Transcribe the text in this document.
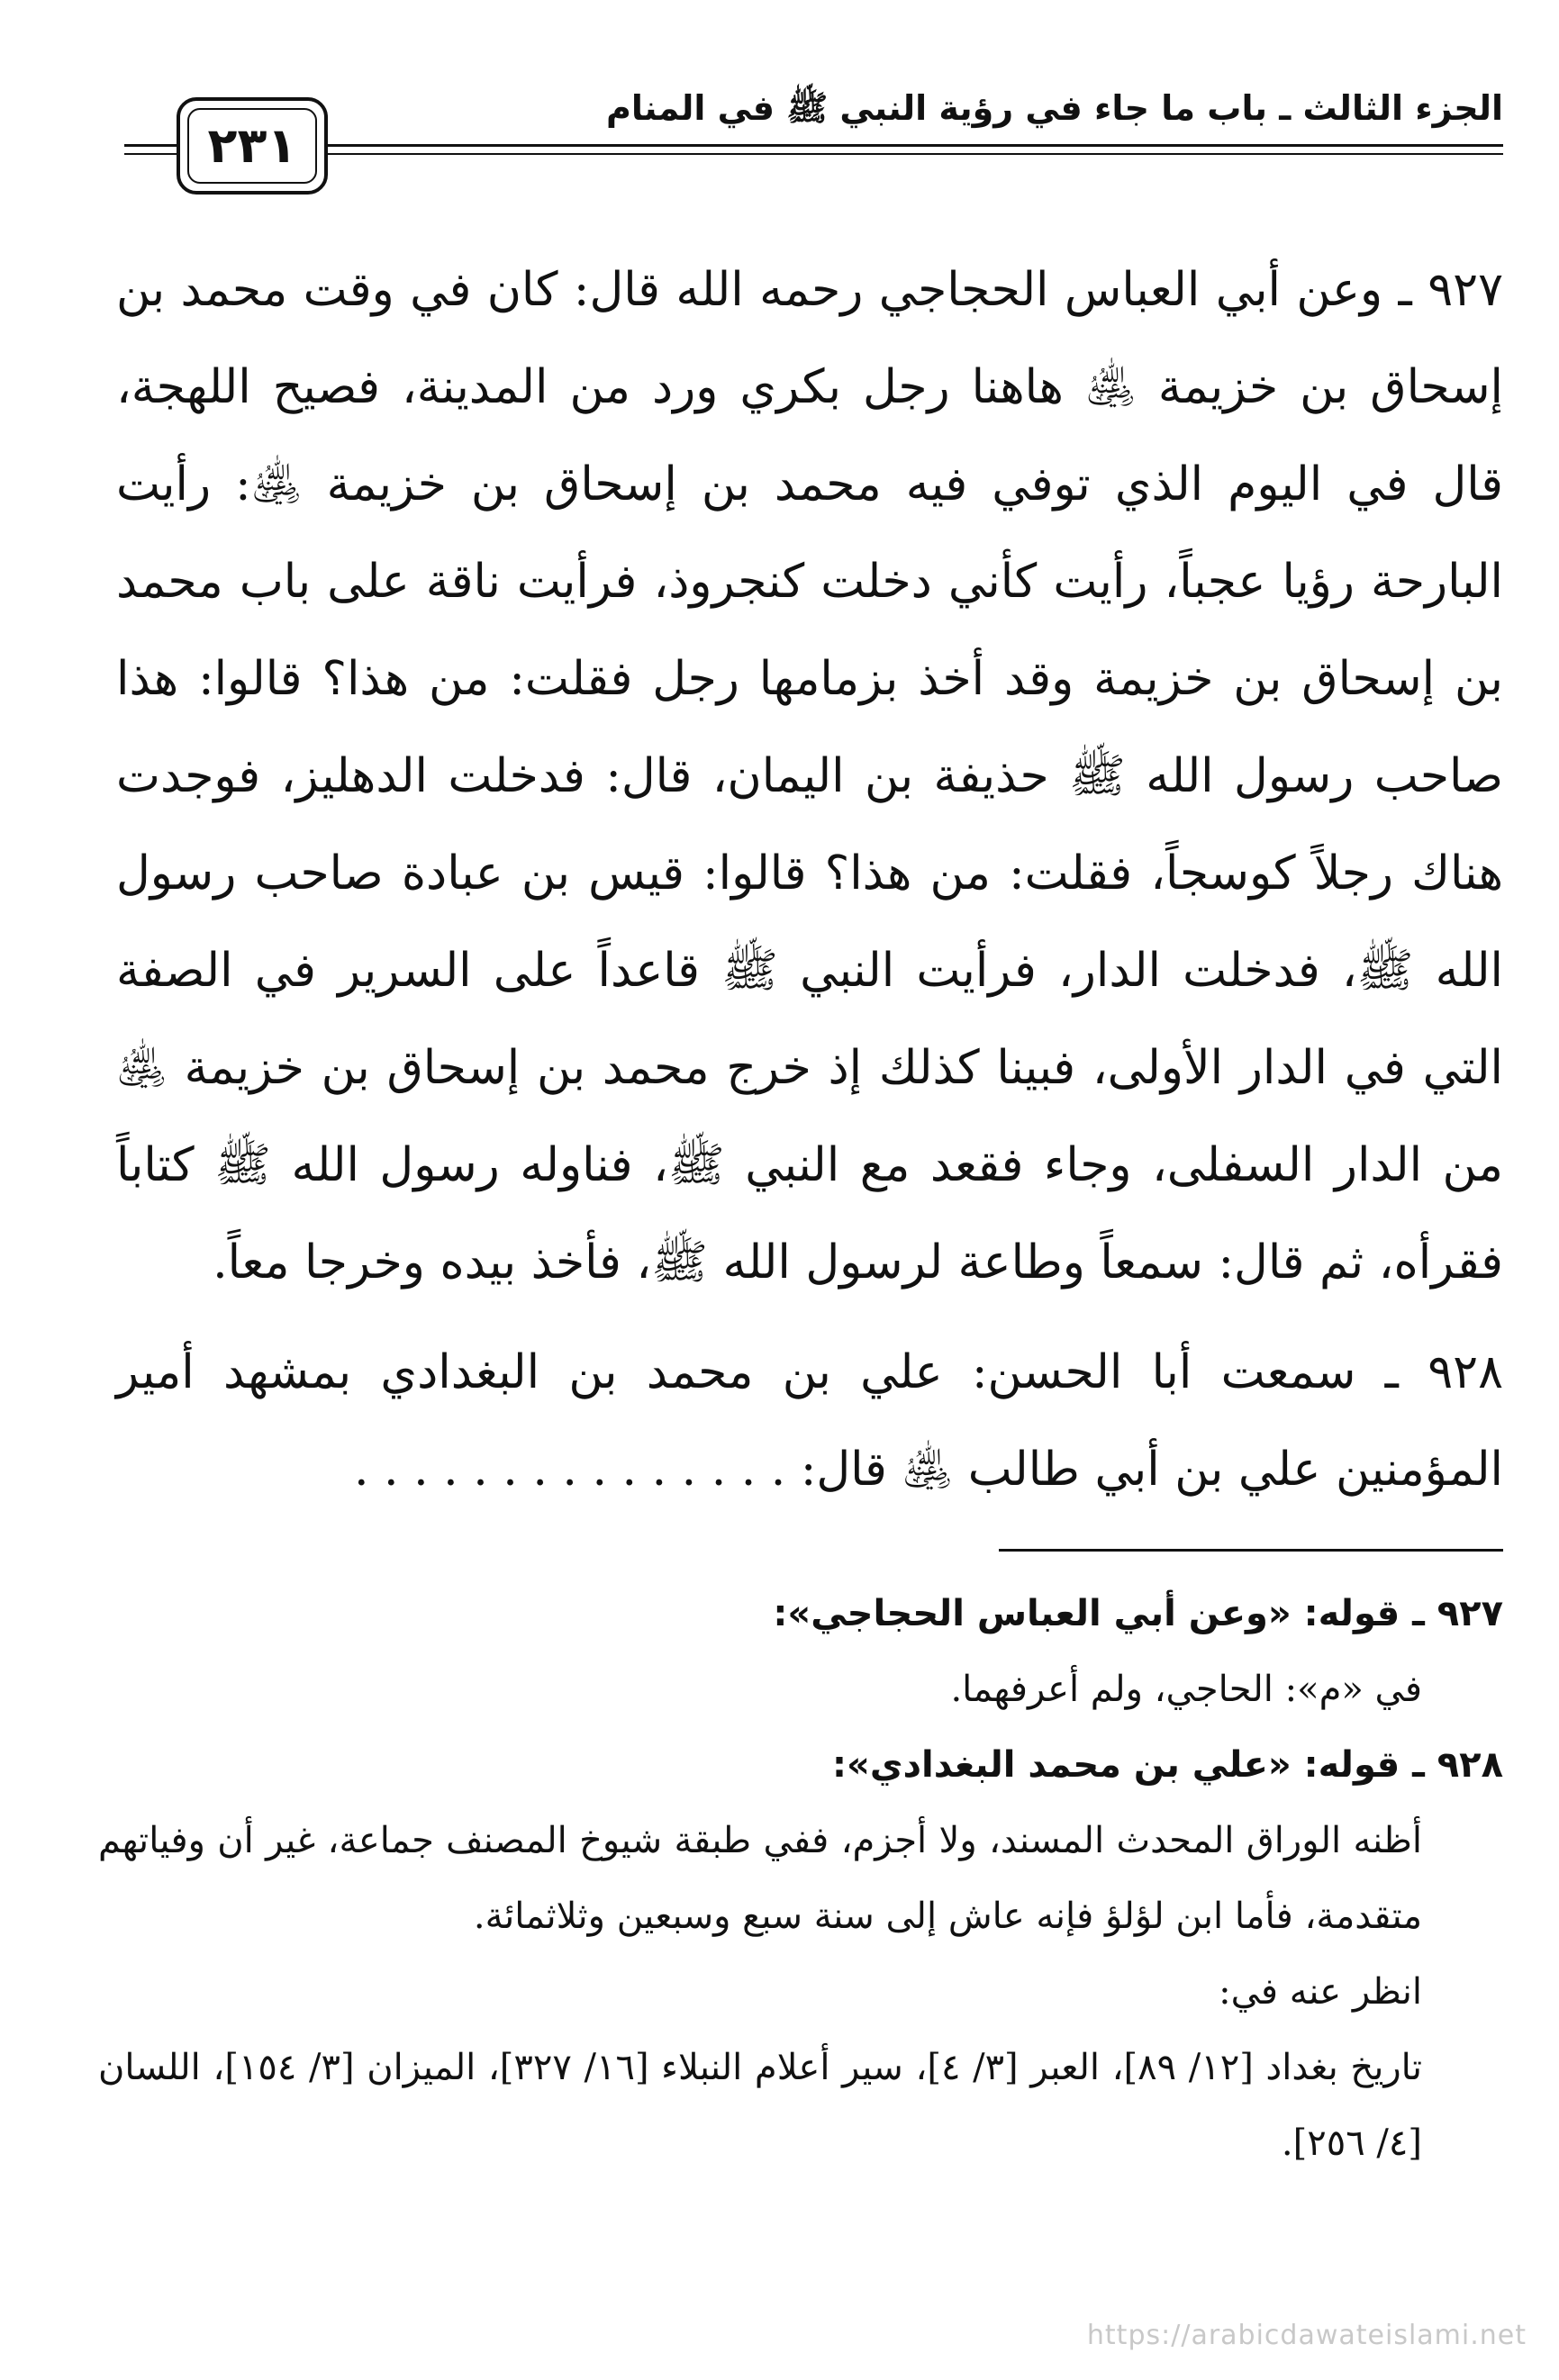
الجزء الثالث ـ باب ما جاء في رؤية النبي ﷺ في المنام
٢٣١

٩٢٧ ـ وعن أبي العباس الحجاجي رحمه الله قال: كان في وقت محمد بن إسحاق بن خزيمة ﵁ هاهنا رجل بكري ورد من المدينة، فصيح اللهجة، قال في اليوم الذي توفي فيه محمد بن إسحاق بن خزيمة ﵁: رأيت البارحة رؤيا عجباً، رأيت كأني دخلت كنجروذ، فرأيت ناقة على باب محمد بن إسحاق بن خزيمة وقد أخذ بزمامها رجل فقلت: من هذا؟ قالوا: هذا صاحب رسول الله ﷺ حذيفة بن اليمان، قال: فدخلت الدهليز، فوجدت هناك رجلاً كوسجاً، فقلت: من هذا؟ قالوا: قيس بن عبادة صاحب رسول الله ﷺ، فدخلت الدار، فرأيت النبي ﷺ قاعداً على السرير في الصفة التي في الدار الأولى، فبينا كذلك إذ خرج محمد بن إسحاق بن خزيمة ﵁ من الدار السفلى، وجاء فقعد مع النبي ﷺ، فناوله رسول الله ﷺ كتاباً فقرأه، ثم قال: سمعاً وطاعة لرسول الله ﷺ، فأخذ بيده وخرجا معاً.

٩٢٨ ـ سمعت أبا الحسن: علي بن محمد بن البغدادي بمشهد أمير المؤمنين علي بن أبي طالب ﵁ قال: . . . . . . . . . . . . . . .

٩٢٧ ـ قوله: «وعن أبي العباس الحجاجي»:

في «م»: الحاجي، ولم أعرفهما.

٩٢٨ ـ قوله: «علي بن محمد البغدادي»:

أظنه الوراق المحدث المسند، ولا أجزم، ففي طبقة شيوخ المصنف جماعة، غير أن وفياتهم متقدمة، فأما ابن لؤلؤ فإنه عاش إلى سنة سبع وسبعين وثلاثمائة.

انظر عنه في:

تاريخ بغداد [١٢/ ٨٩]، العبر [٣/ ٤]، سير أعلام النبلاء [١٦/ ٣٢٧]، الميزان [٣/ ١٥٤]، اللسان [٤/ ٢٥٦].

https://arabicdawateislami.net
